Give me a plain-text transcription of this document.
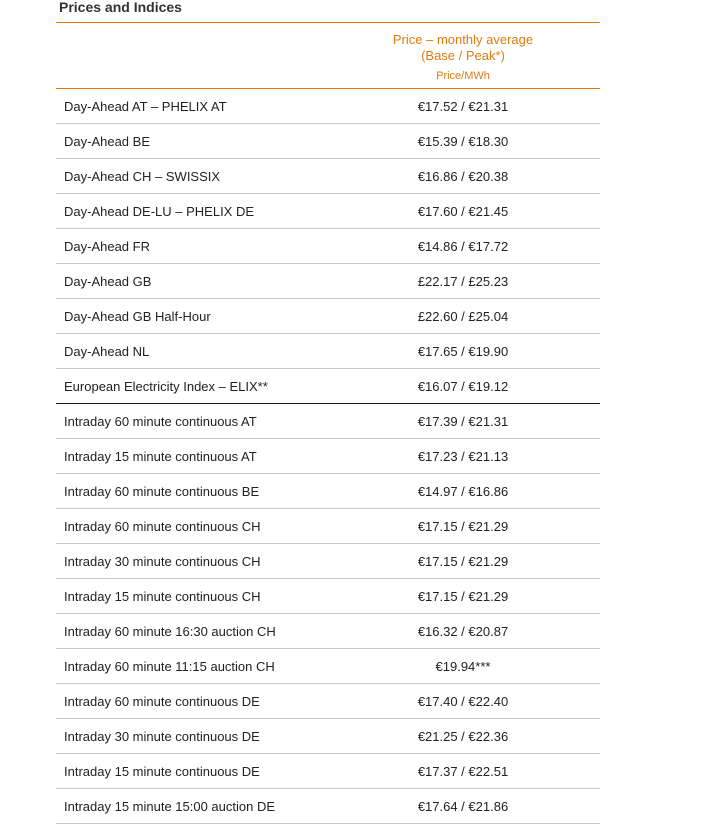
Prices and Indices
Price – monthly average
(Base / Peak*)
Price/MWh
Day-Ahead AT – PHELIX AT	€17.52 / €21.31
Day-Ahead BE	€15.39 / €18.30
Day-Ahead CH – SWISSIX	€16.86 / €20.38
Day-Ahead DE-LU – PHELIX DE	€17.60 / €21.45
Day-Ahead FR	€14.86 / €17.72
Day-Ahead GB	£22.17 / £25.23
Day-Ahead GB Half-Hour	£22.60 / £25.04
Day-Ahead NL	€17.65 / €19.90
European Electricity Index – ELIX**	€16.07 / €19.12
Intraday 60 minute continuous AT	€17.39 / €21.31
Intraday 15 minute continuous AT	€17.23 / €21.13
Intraday 60 minute continuous BE	€14.97 / €16.86
Intraday 60 minute continuous CH	€17.15 / €21.29
Intraday 30 minute continuous CH	€17.15 / €21.29
Intraday 15 minute continuous CH	€17.15 / €21.29
Intraday 60 minute 16:30 auction CH	€16.32 / €20.87
Intraday 60 minute 11:15 auction CH	€19.94***
Intraday 60 minute continuous DE	€17.40 / €22.40
Intraday 30 minute continuous DE	€21.25 / €22.36
Intraday 15 minute continuous DE	€17.37 / €22.51
Intraday 15 minute 15:00 auction DE	€17.64 / €21.86
